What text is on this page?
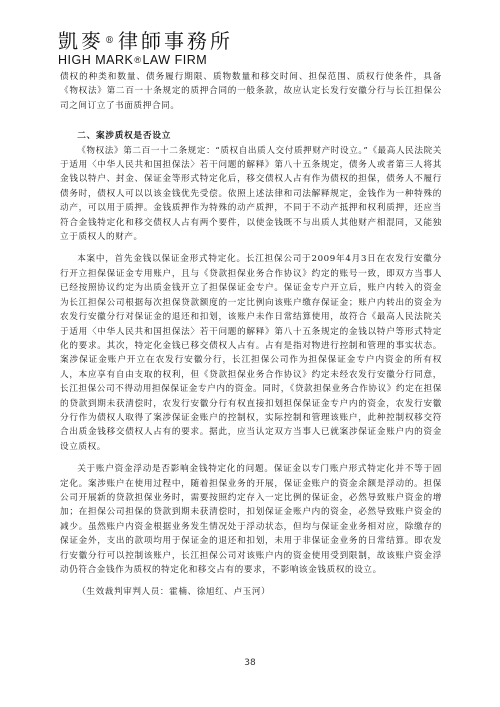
凱麥®律師事務所
HIGH MARK®LAW FIRM

债权的种类和数量、债务履行期限、质物数量和移交时间、担保范围、质权行使条件，具备《物权法》第二百一十条规定的质押合同的一般条款，故应认定长发行安徽分行与长江担保公司之间订立了书面质押合同。

二、案涉质权是否设立

《物权法》第二百一十二条规定：“质权自出质人交付质押财产时设立。”《最高人民法院关于适用〈中华人民共和国担保法〉若干问题的解释》第八十五条规定，债务人或者第三人将其金钱以特户、封金、保证金等形式特定化后，移交债权人占有作为债权的担保，债务人不履行债务时，债权人可以以该金钱优先受偿。依照上述法律和司法解释规定，金钱作为一种特殊的动产，可以用于质押。金钱质押作为特殊的动产质押，不同于不动产抵押和权利质押，还应当符合金钱特定化和移交债权人占有两个要件，以使金钱既不与出质人其他财产相混同，又能独立于质权人的财产。

本案中，首先金钱以保证金形式特定化。长江担保公司于2009年4月3日在农发行安徽分行开立担保保证金专用账户，且与《贷款担保业务合作协议》约定的账号一致，即双方当事人已经按照协议约定为出质金钱开立了担保保证金专户。保证金专户开立后，账户内转入的资金为长江担保公司根据每次担保贷款额度的一定比例向该账户缴存保证金；账户内转出的资金为农发行安徽分行对保证金的退还和扣划，该账户未作日常结算使用，故符合《最高人民法院关于适用〈中华人民共和国担保法〉若干问题的解释》第八十五条规定的金钱以特户等形式特定化的要求。其次，特定化金钱已移交债权人占有。占有是指对物进行控制和管理的事实状态。案涉保证金账户开立在农发行安徽分行，长江担保公司作为担保保证金专户内资金的所有权人，本应享有自由支取的权利，但《贷款担保业务合作协议》约定未经农发行安徽分行同意，长江担保公司不得动用担保保证金专户内的资金。同时，《贷款担保业务合作协议》约定在担保的贷款到期未获清偿时，农发行安徽分行有权直接扣划担保保证金专户内的资金，农发行安徽分行作为债权人取得了案涉保证金账户的控制权，实际控制和管理该账户，此种控制权移交符合出质金钱移交债权人占有的要求。据此，应当认定双方当事人已就案涉保证金账户内的资金设立质权。

关于账户资金浮动是否影响金钱特定化的问题。保证金以专门账户形式特定化并不等于固定化。案涉账户在使用过程中，随着担保业务的开展，保证金账户的资金余额是浮动的。担保公司开展新的贷款担保业务时，需要按照约定存入一定比例的保证金，必然导致账户资金的增加；在担保公司担保的贷款到期未获清偿时，扣划保证金账户内的资金，必然导致账户资金的减少。虽然账户内资金根据业务发生情况处于浮动状态，但均与保证金业务相对应，除缴存的保证金外，支出的款项均用于保证金的退还和扣划，未用于非保证金业务的日常结算。即农发行安徽分行可以控制该账户，长江担保公司对该账户内的资金使用受到限制，故该账户资金浮动仍符合金钱作为质权的特定化和移交占有的要求，不影响该金钱质权的设立。

（生效裁判审判人员：霍楠、徐旭红、卢玉河）

38
